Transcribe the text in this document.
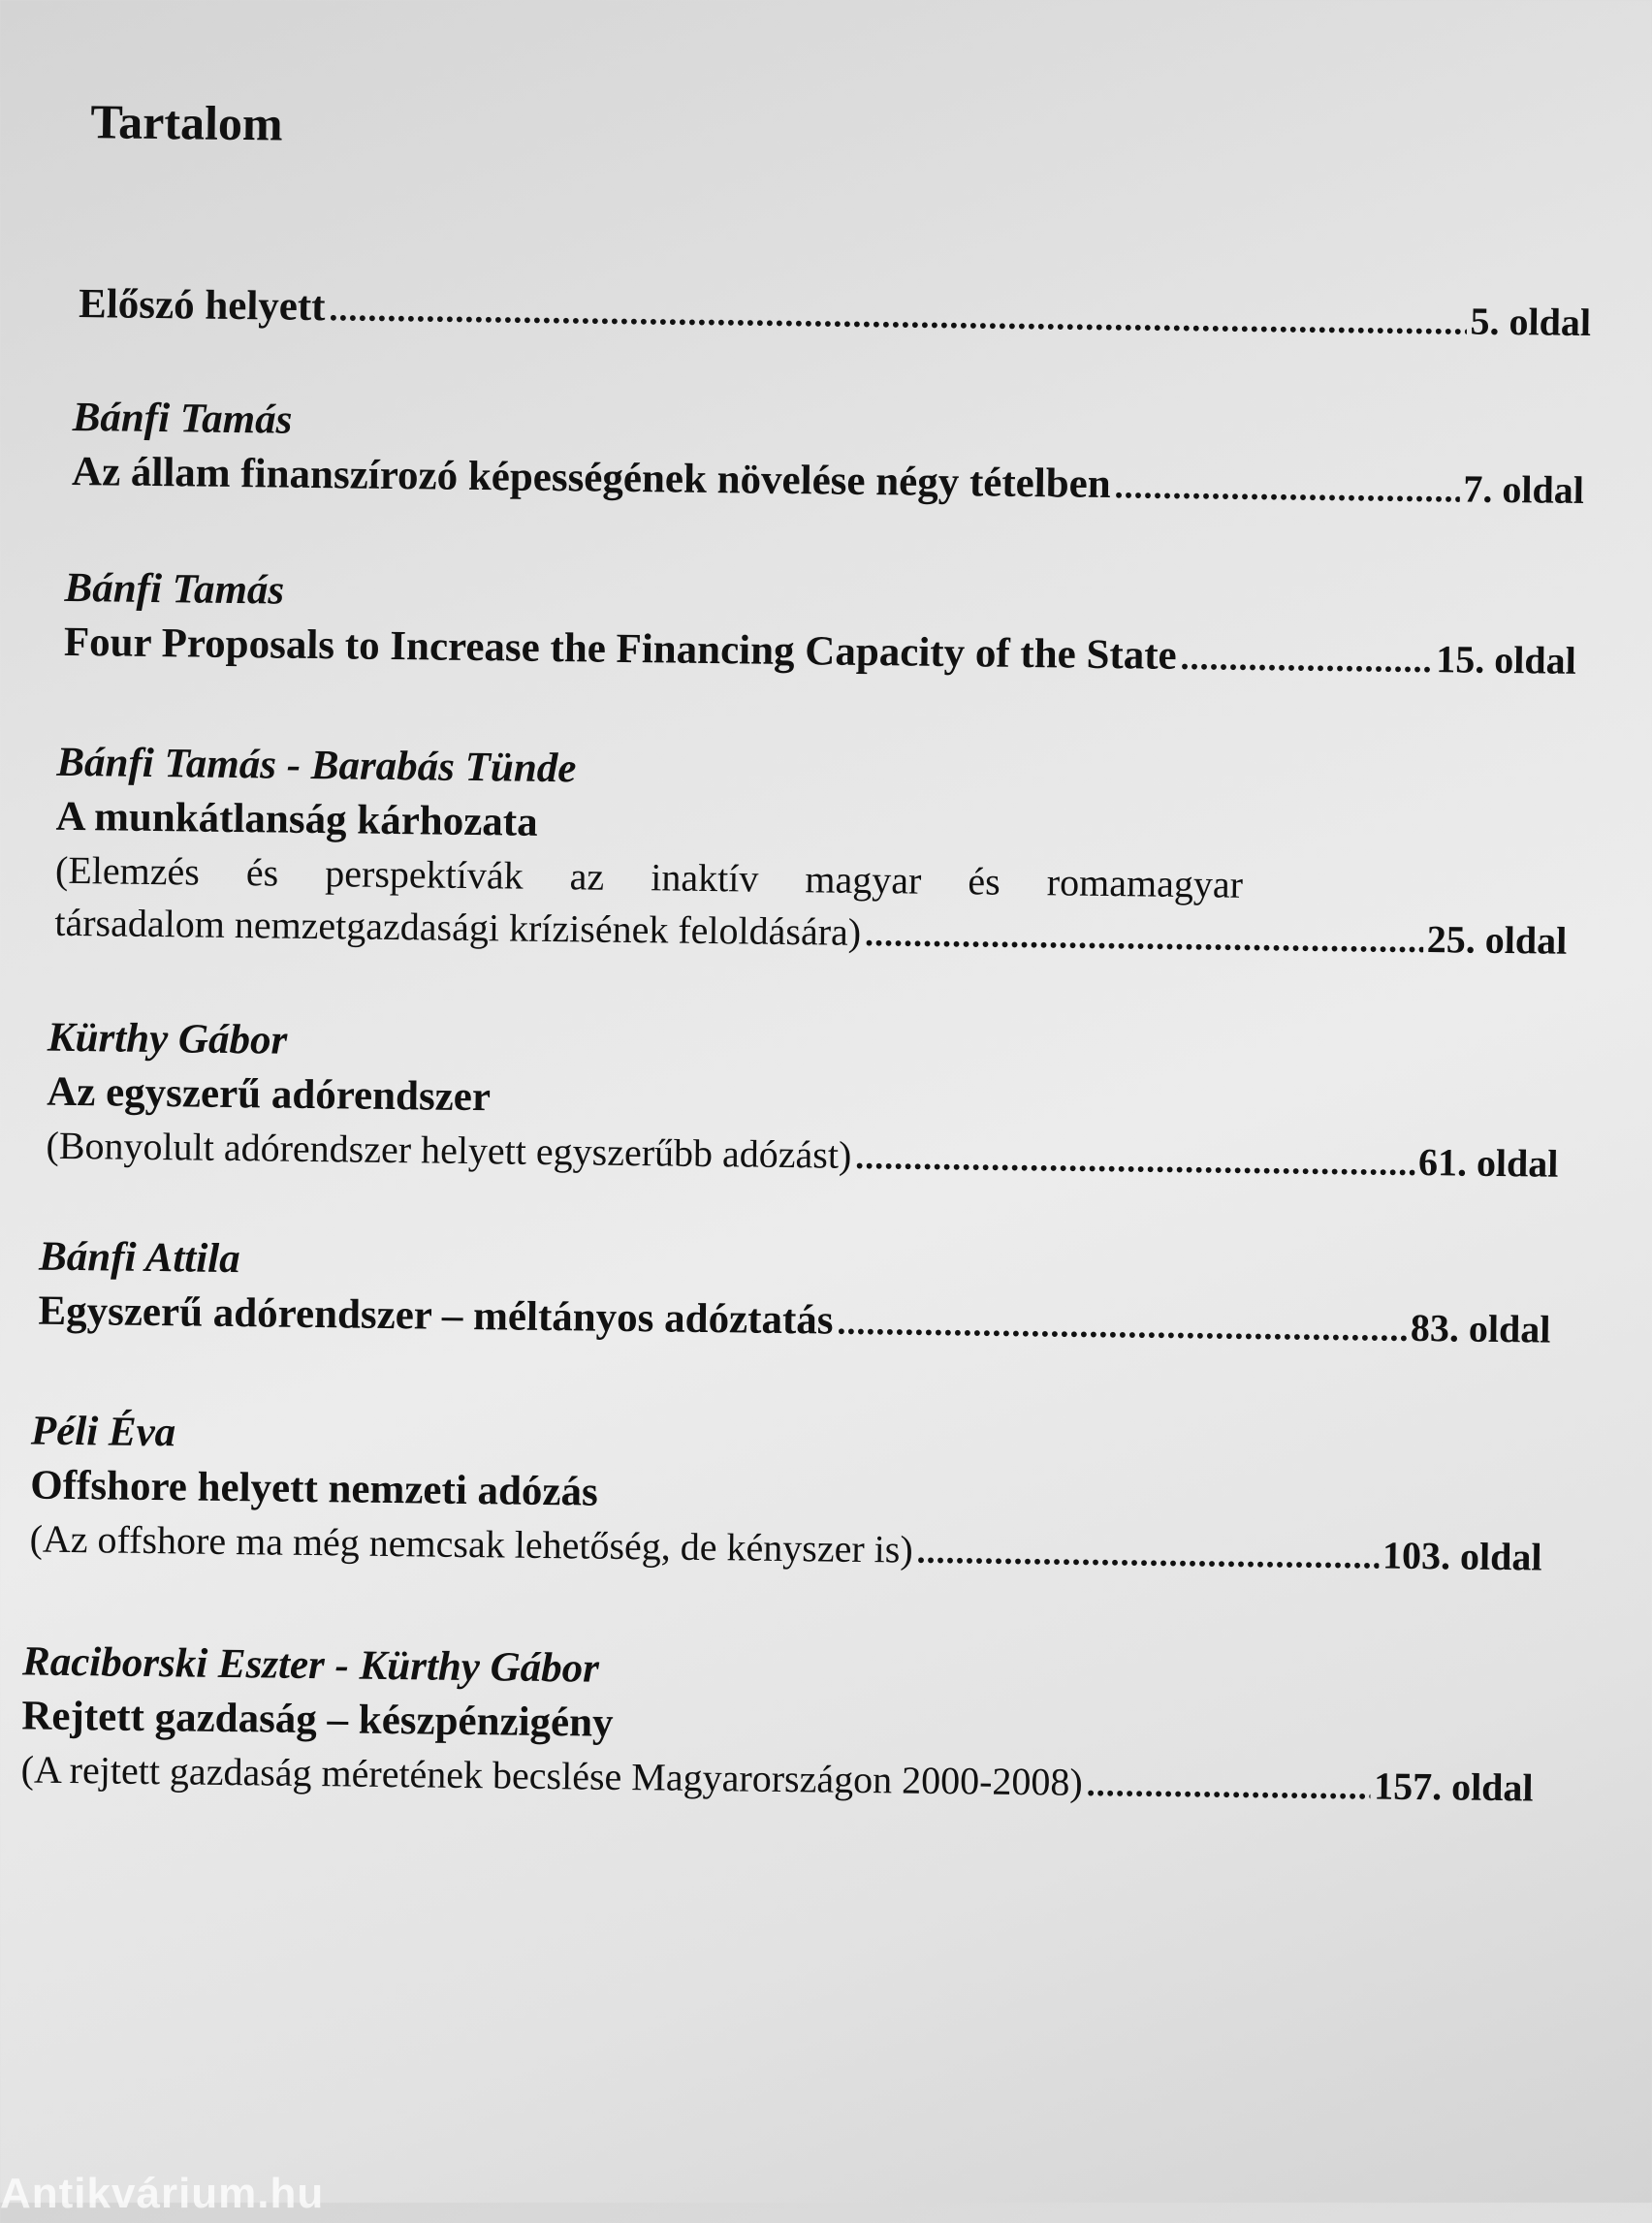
Tartalom
Előszó helyett .....	5. oldal
Bánfi Tamás
Az állam finanszírozó képességének növelése négy tételben .....	7. oldal
Bánfi Tamás
Four Proposals to Increase the Financing Capacity of the State .....	15. oldal
Bánfi Tamás - Barabás Tünde
A munkátlanság kárhozata
(Elemzés és perspektívák az inaktív magyar és romamagyar
társadalom nemzetgazdasági krízisének feloldására) .....	25. oldal
Kürthy Gábor
Az egyszerű adórendszer
(Bonyolult adórendszer helyett egyszerűbb adózást) .....	61. oldal
Bánfi Attila
Egyszerű adórendszer – méltányos adóztatás .....	83. oldal
Péli Éva
Offshore helyett nemzeti adózás
(Az offshore ma még nemcsak lehetőség, de kényszer is) .....	103. oldal
Raciborski Eszter - Kürthy Gábor
Rejtett gazdaság – készpénzigény
(A rejtett gazdaság méretének becslése Magyarországon 2000-2008) .....	157. oldal
Antikvárium.hu
